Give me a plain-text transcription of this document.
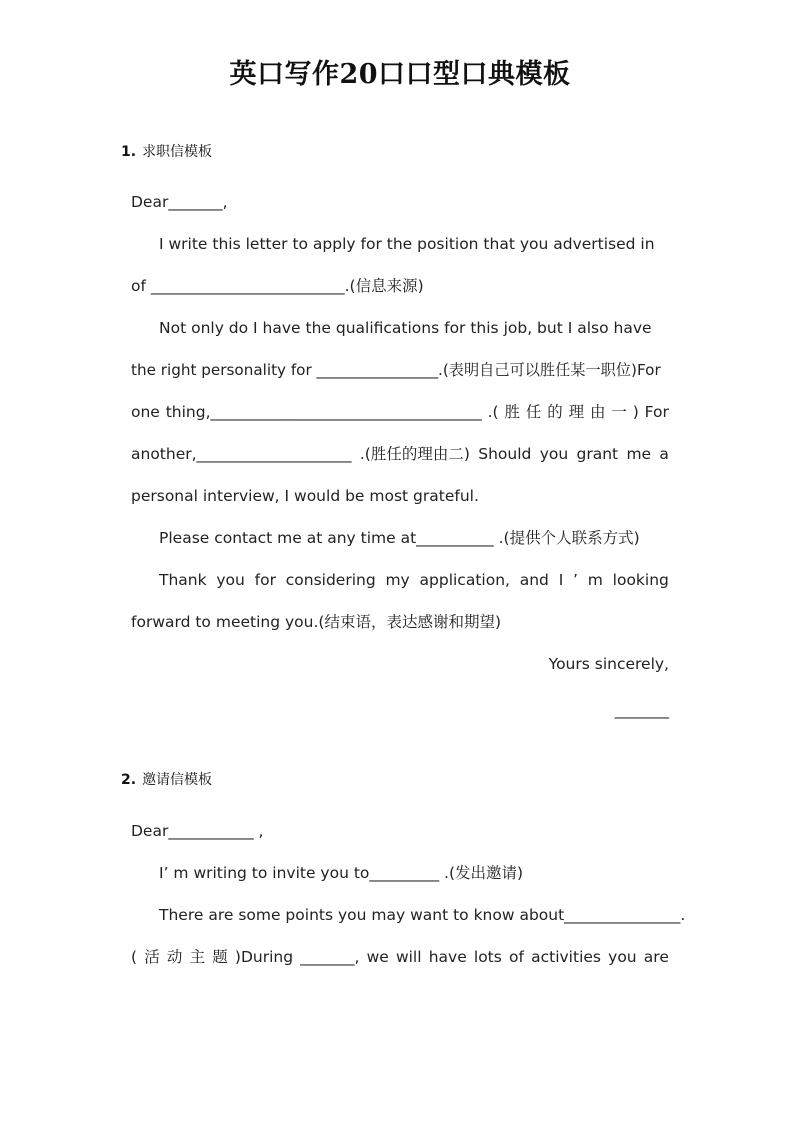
英口写作20口口型口典模板
1. 求职信模板
Dear_______,
I write this letter to apply for the position that you advertised in
of _________________________.(信息来源)
Not only do I have the qualifications for this job, but I also have
the right personality for ________________.(表明自己可以胜任某一职位)For
one thing,___________________________________ .( 胜 任 的 理 由 一 ) For
another,____________________ .(胜任的理由二) Should you grant me a
personal interview, I would be most grateful.
Please contact me at any time at__________ .(提供个人联系方式)
Thank you for considering my application, and I ’ m looking
forward to meeting you.(结束语，表达感谢和期望)
Yours sincerely,
_______
2. 邀请信模板
Dear___________ ,
I’ m writing to invite you to_________ .(发出邀请)
There are some points you may want to know about_______________.
( 活 动 主 题 )During _______, we will have lots of activities you are
